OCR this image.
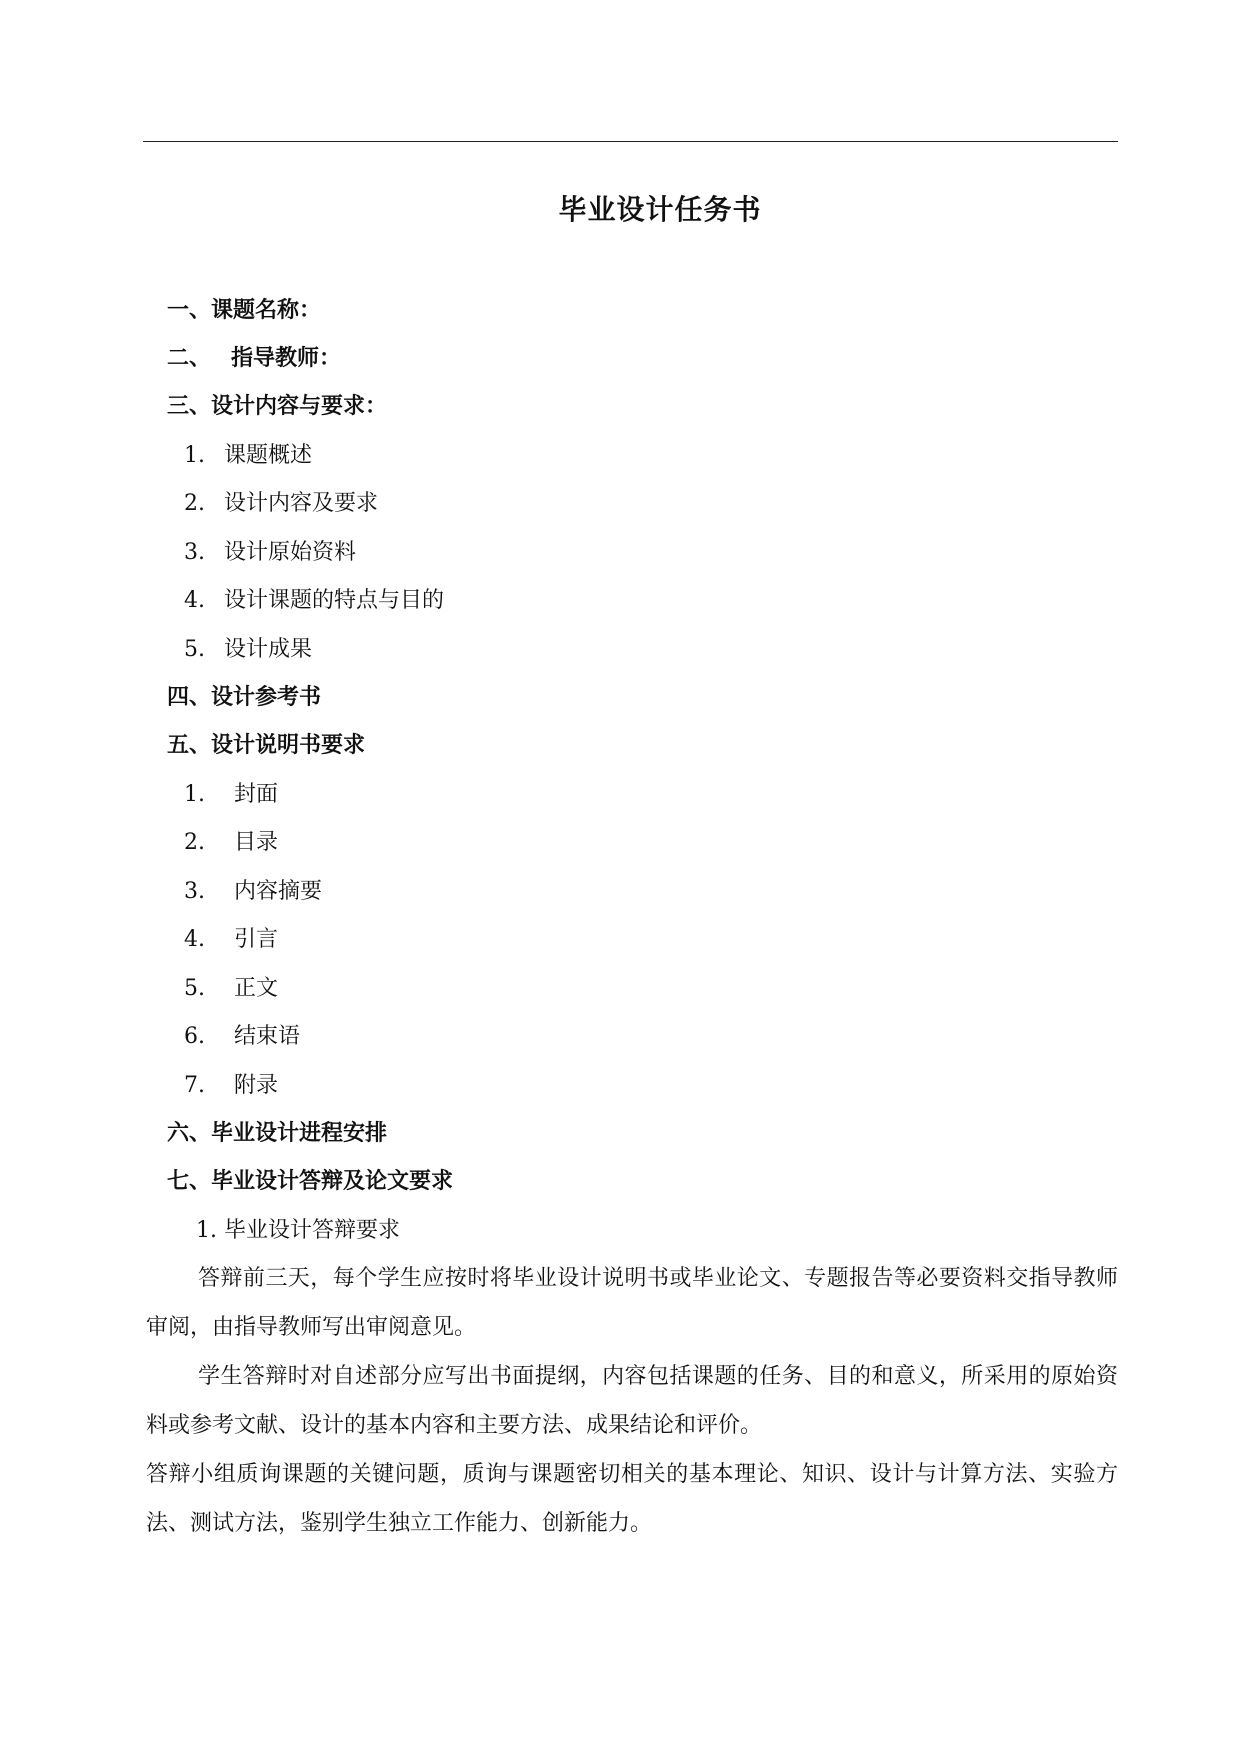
毕业设计任务书
一、课题名称：
二、 指导教师：
三、设计内容与要求：
1. 课题概述
2. 设计内容及要求
3. 设计原始资料
4. 设计课题的特点与目的
5. 设计成果
四、设计参考书
五、设计说明书要求
1. 封面
2. 目录
3. 内容摘要
4. 引言
5. 正文
6. 结束语
7. 附录
六、毕业设计进程安排
七、毕业设计答辩及论文要求
1. 毕业设计答辩要求
答辩前三天，每个学生应按时将毕业设计说明书或毕业论文、专题报告等必要资料交指导教师审阅，由指导教师写出审阅意见。
学生答辩时对自述部分应写出书面提纲，内容包括课题的任务、目的和意义，所采用的原始资料或参考文献、设计的基本内容和主要方法、成果结论和评价。
答辩小组质询课题的关键问题，质询与课题密切相关的基本理论、知识、设计与计算方法、实验方法、测试方法，鉴别学生独立工作能力、创新能力。
